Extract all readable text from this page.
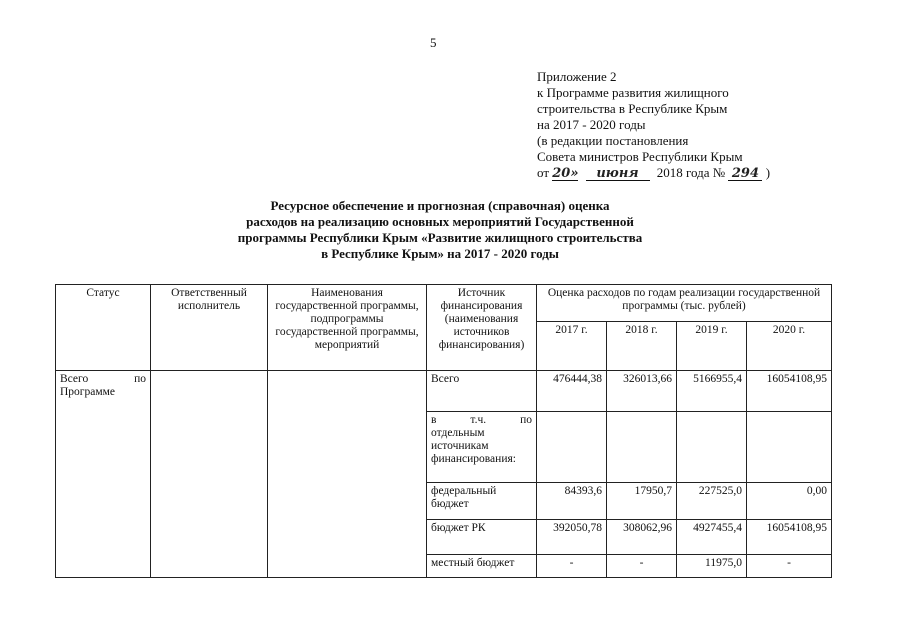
5
Приложение 2
к Программе развития жилищного
строительства в Республике Крым
на 2017 - 2020 годы
(в редакции постановления
Совета министров Республики Крым
от 20» июня 2018 года № 294 )
Ресурсное обеспечение и прогнозная (справочная) оценка
расходов на реализацию основных мероприятий Государственной
программы Республики Крым «Развитие жилищного строительства
в Республике Крым» на 2017 - 2020 годы
Статус	Ответственный исполнитель	Наименования государственной программы, подпрограммы государственной программы, мероприятий	Источник финансирования (наименования источников финансирования)	Оценка расходов по годам реализации государственной программы (тыс. рублей)			
				2017 г.	2018 г.	2019 г.	2020 г.

Всего по
Программе			Всего	476444,38	326013,66	5166955,4	16054108,95

			в т.ч. по
отдельным источникам финансирования:				

			федеральный бюджет	84393,6	17950,7	227525,0	0,00
			бюджет РК	392050,78	308062,96	4927455,4	16054108,95
			местный бюджет	-	-	11975,0	-
